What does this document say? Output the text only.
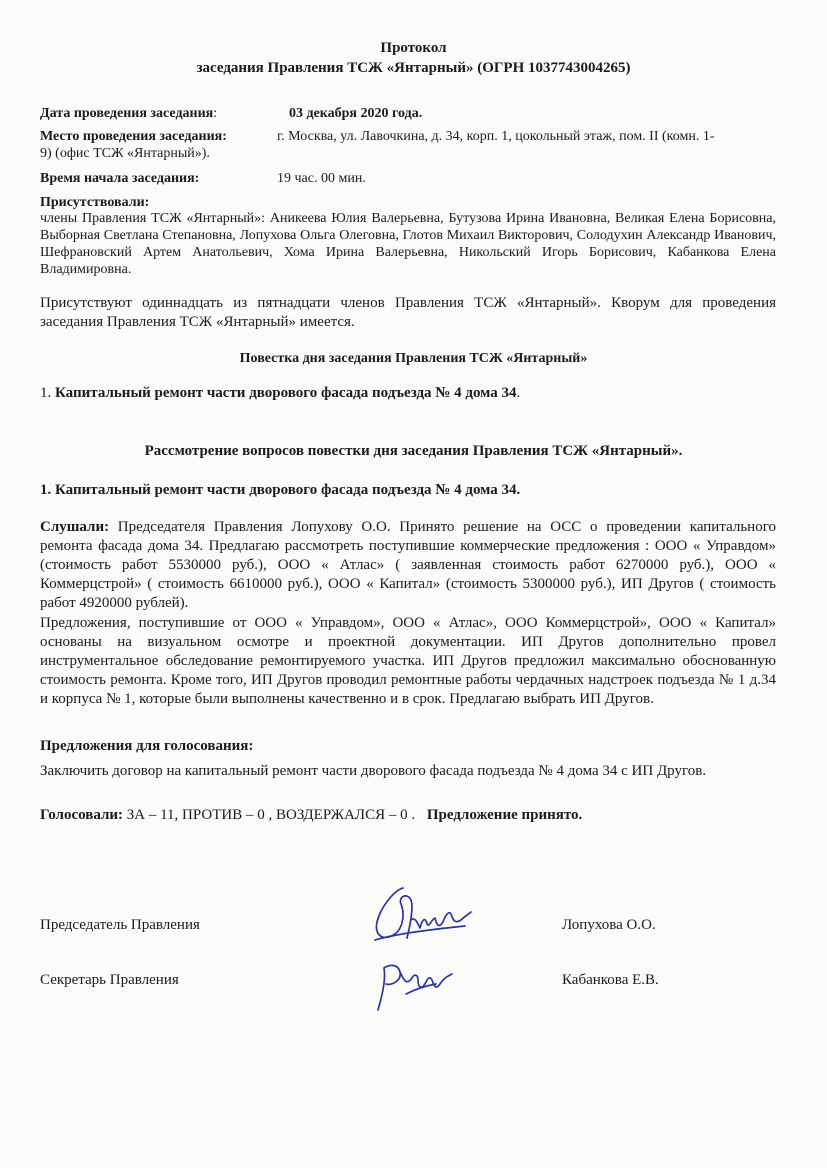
Протокол
заседания Правления ТСЖ «Янтарный» (ОГРН 1037743004265)
Дата проведения заседания:	03 декабря 2020 года.
Место проведения заседания:	г. Москва, ул. Лавочкина, д. 34, корп. 1, цокольный этаж, пом. II (комн. 1-
9) (офис ТСЖ «Янтарный»).
Время начала заседания:	19 час. 00 мин.
Присутствовали:
члены Правления ТСЖ «Янтарный»: Аникеева Юлия Валерьевна, Бутузова Ирина Ивановна, Великая Елена Борисовна, Выборная Светлана Степановна, Лопухова Ольга Олеговна, Глотов Михаил Викторович, Солодухин Александр Иванович, Шефрановский Артем Анатольевич, Хома Ирина Валерьевна, Никольский Игорь Борисович, Кабанкова Елена Владимировна.
Присутствуют одиннадцать из пятнадцати членов Правления ТСЖ «Янтарный». Кворум для проведения заседания Правления ТСЖ «Янтарный» имеется.
Повестка дня заседания Правления ТСЖ «Янтарный»
1. Капитальный ремонт части дворового фасада подъезда № 4 дома 34.
Рассмотрение вопросов повестки дня заседания Правления ТСЖ «Янтарный».
1. Капитальный ремонт части дворового фасада подъезда № 4 дома 34.
Слушали: Председателя Правления Лопухову О.О. Принято решение на ОСС о проведении капитального ремонта фасада дома 34. Предлагаю рассмотреть поступившие коммерческие предложения : ООО « Управдом» (стоимость работ 5530000 руб.), ООО « Атлас» ( заявленная стоимость работ 6270000 руб.), ООО « Коммерцстрой» ( стоимость 6610000 руб.), ООО « Капитал» (стоимость 5300000 руб.), ИП Другов ( стоимость работ 4920000 рублей).
Предложения, поступившие от ООО « Управдом», ООО « Атлас», ООО Коммерцстрой», ООО « Капитал» основаны на визуальном осмотре и проектной документации. ИП Другов дополнительно провел инструментальное обследование ремонтируемого участка. ИП Другов предложил максимально обоснованную стоимость ремонта. Кроме того, ИП Другов проводил ремонтные работы чердачных надстроек подъезда № 1 д.34 и корпуса № 1, которые были выполнены качественно и в срок. Предлагаю выбрать ИП Другов.
Предложения для голосования:
Заключить договор на капитальный ремонт части дворового фасада подъезда № 4 дома 34 с ИП Другов.
Голосовали: ЗА – 11, ПРОТИВ – 0 , ВОЗДЕРЖАЛСЯ – 0 . Предложение принято.
Председатель Правления	Лопухова О.О.
Секретарь Правления	Кабанкова Е.В.
